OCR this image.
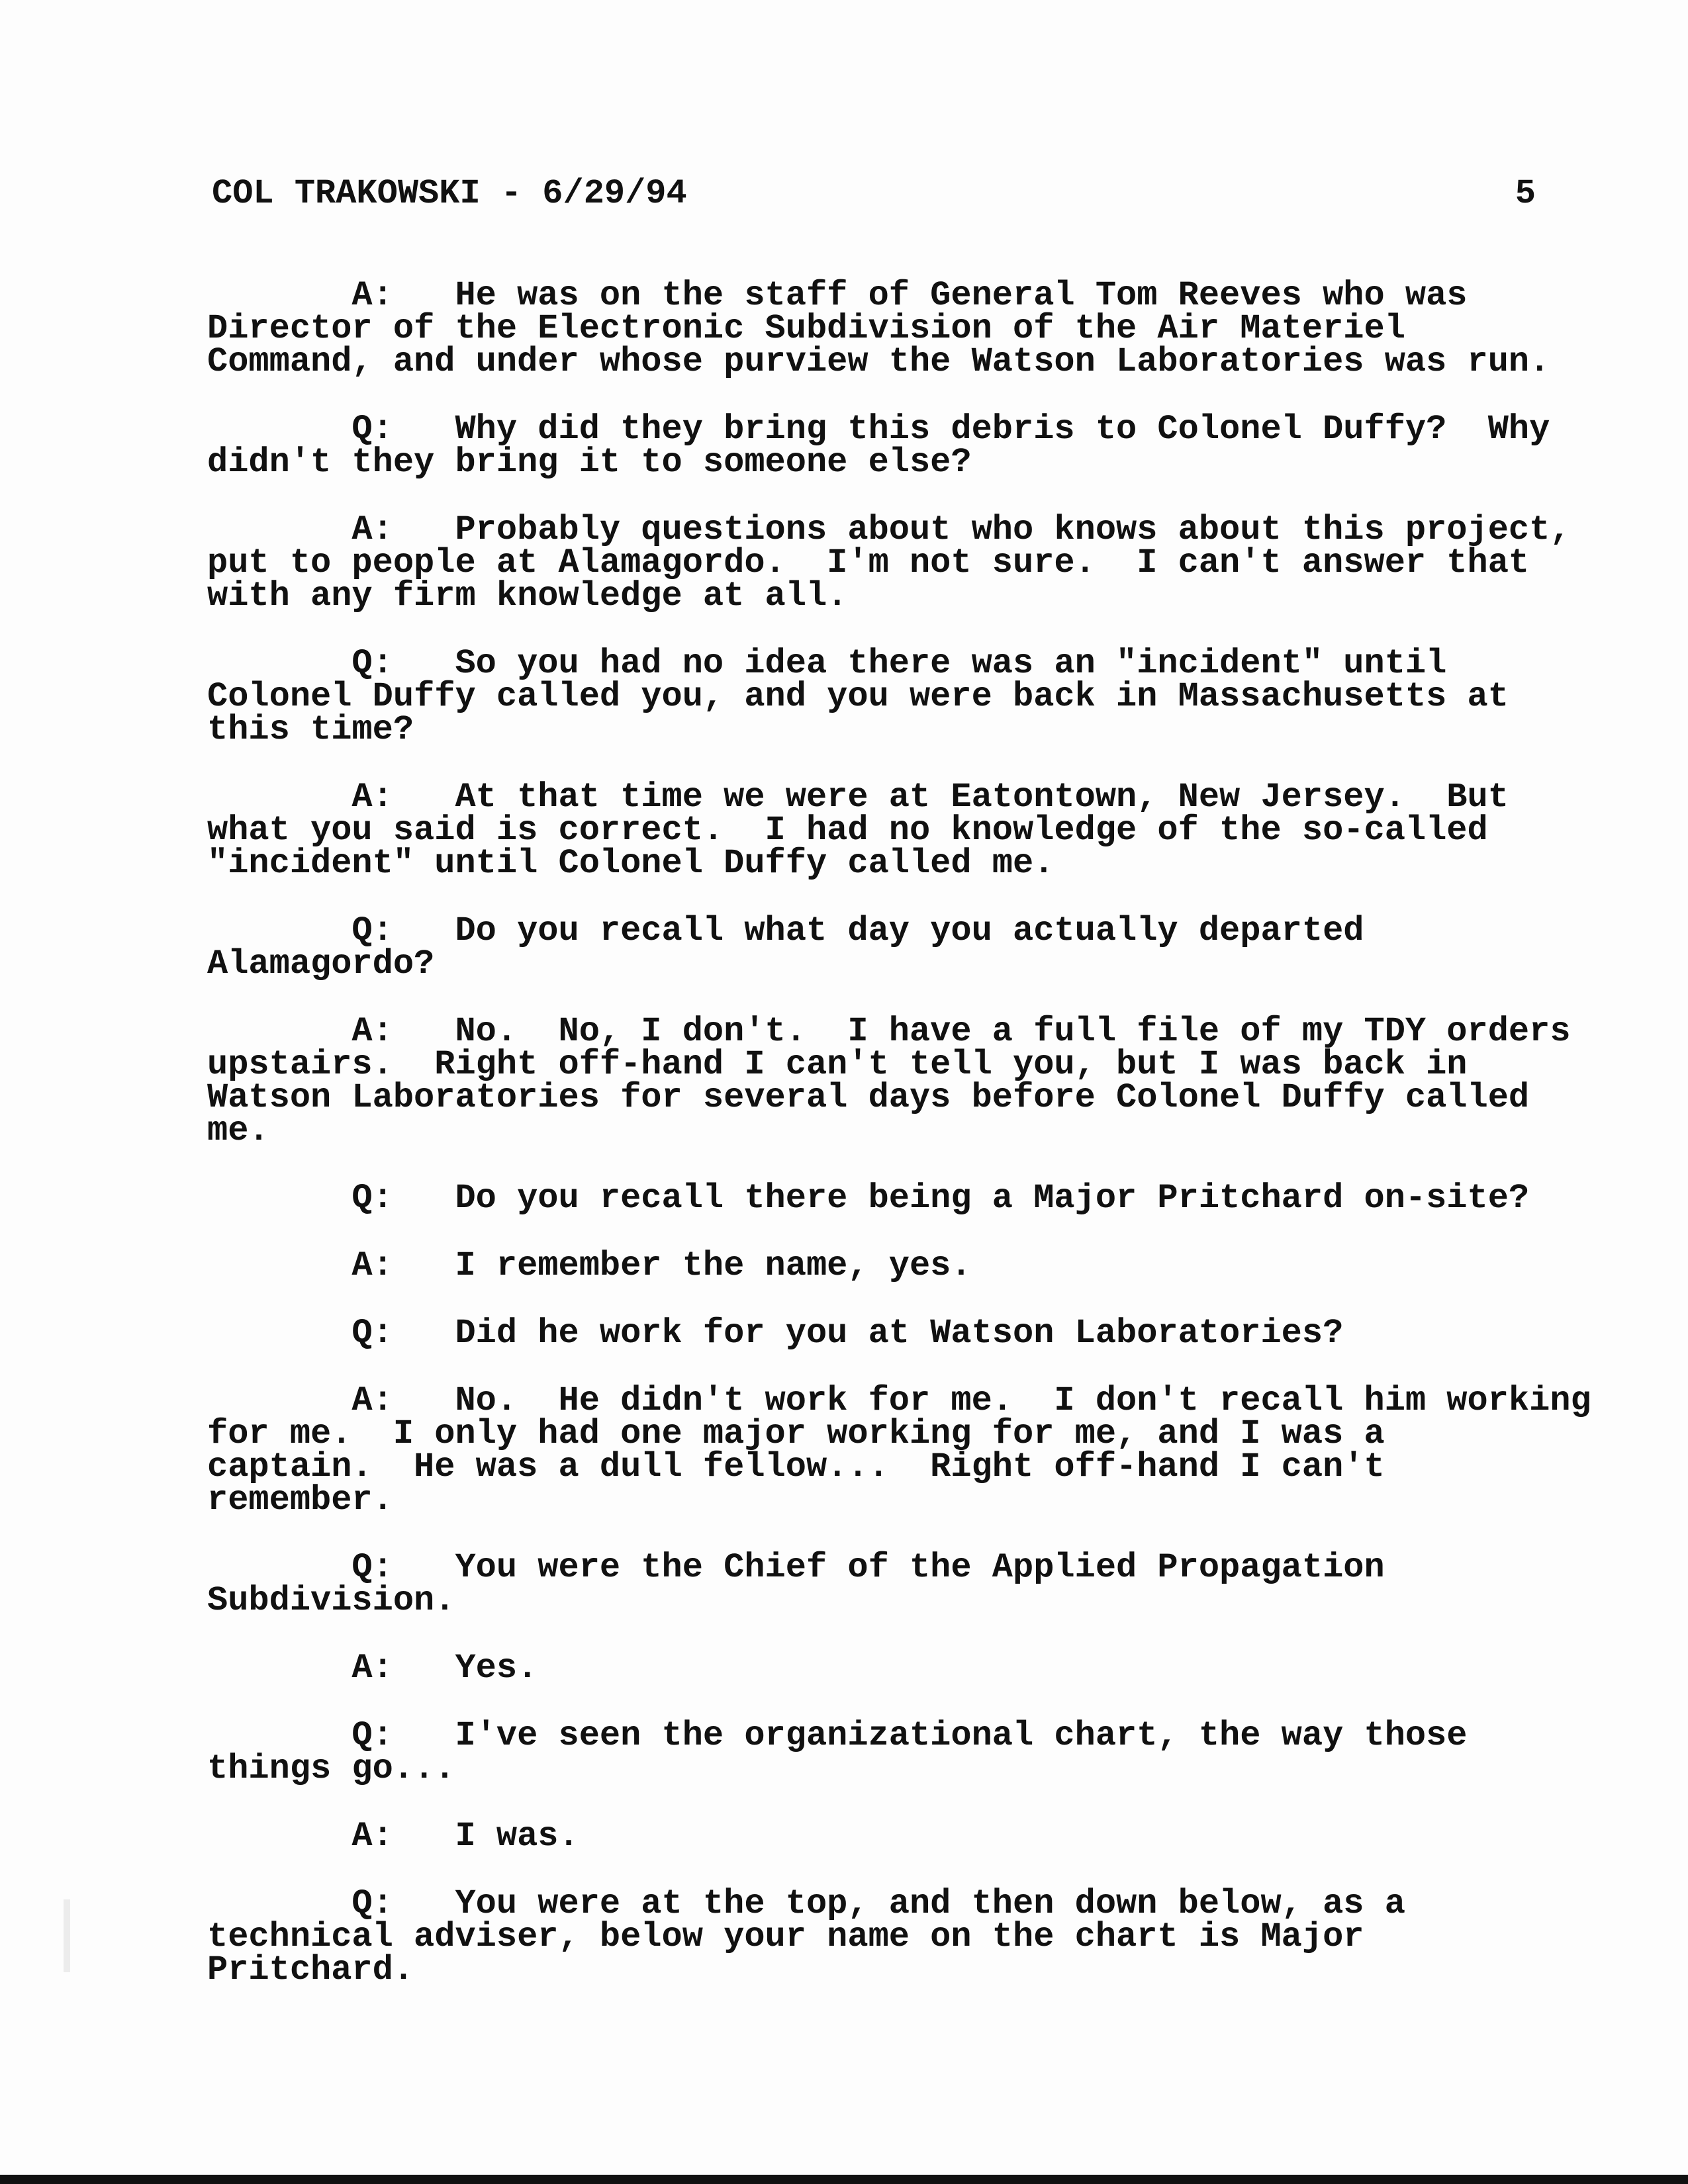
COL TRAKOWSKI - 6/29/94	5

A:   He was on the staff of General Tom Reeves who was
Director of the Electronic Subdivision of the Air Materiel
Command, and under whose purview the Watson Laboratories was run.

Q:   Why did they bring this debris to Colonel Duffy?  Why
didn't they bring it to someone else?

A:   Probably questions about who knows about this project,
put to people at Alamagordo.  I'm not sure.  I can't answer that
with any firm knowledge at all.

Q:   So you had no idea there was an "incident" until
Colonel Duffy called you, and you were back in Massachusetts at
this time?

A:   At that time we were at Eatontown, New Jersey.  But
what you said is correct.  I had no knowledge of the so-called
"incident" until Colonel Duffy called me.

Q:   Do you recall what day you actually departed
Alamagordo?

A:   No.  No, I don't.  I have a full file of my TDY orders
upstairs.  Right off-hand I can't tell you, but I was back in
Watson Laboratories for several days before Colonel Duffy called
me.

Q:   Do you recall there being a Major Pritchard on-site?

A:   I remember the name, yes.

Q:   Did he work for you at Watson Laboratories?

A:   No.  He didn't work for me.  I don't recall him working
for me.  I only had one major working for me, and I was a
captain.  He was a dull fellow...  Right off-hand I can't
remember.

Q:   You were the Chief of the Applied Propagation
Subdivision.

A:   Yes.

Q:   I've seen the organizational chart, the way those
things go...

A:   I was.

Q:   You were at the top, and then down below, as a
technical adviser, below your name on the chart is Major
Pritchard.
